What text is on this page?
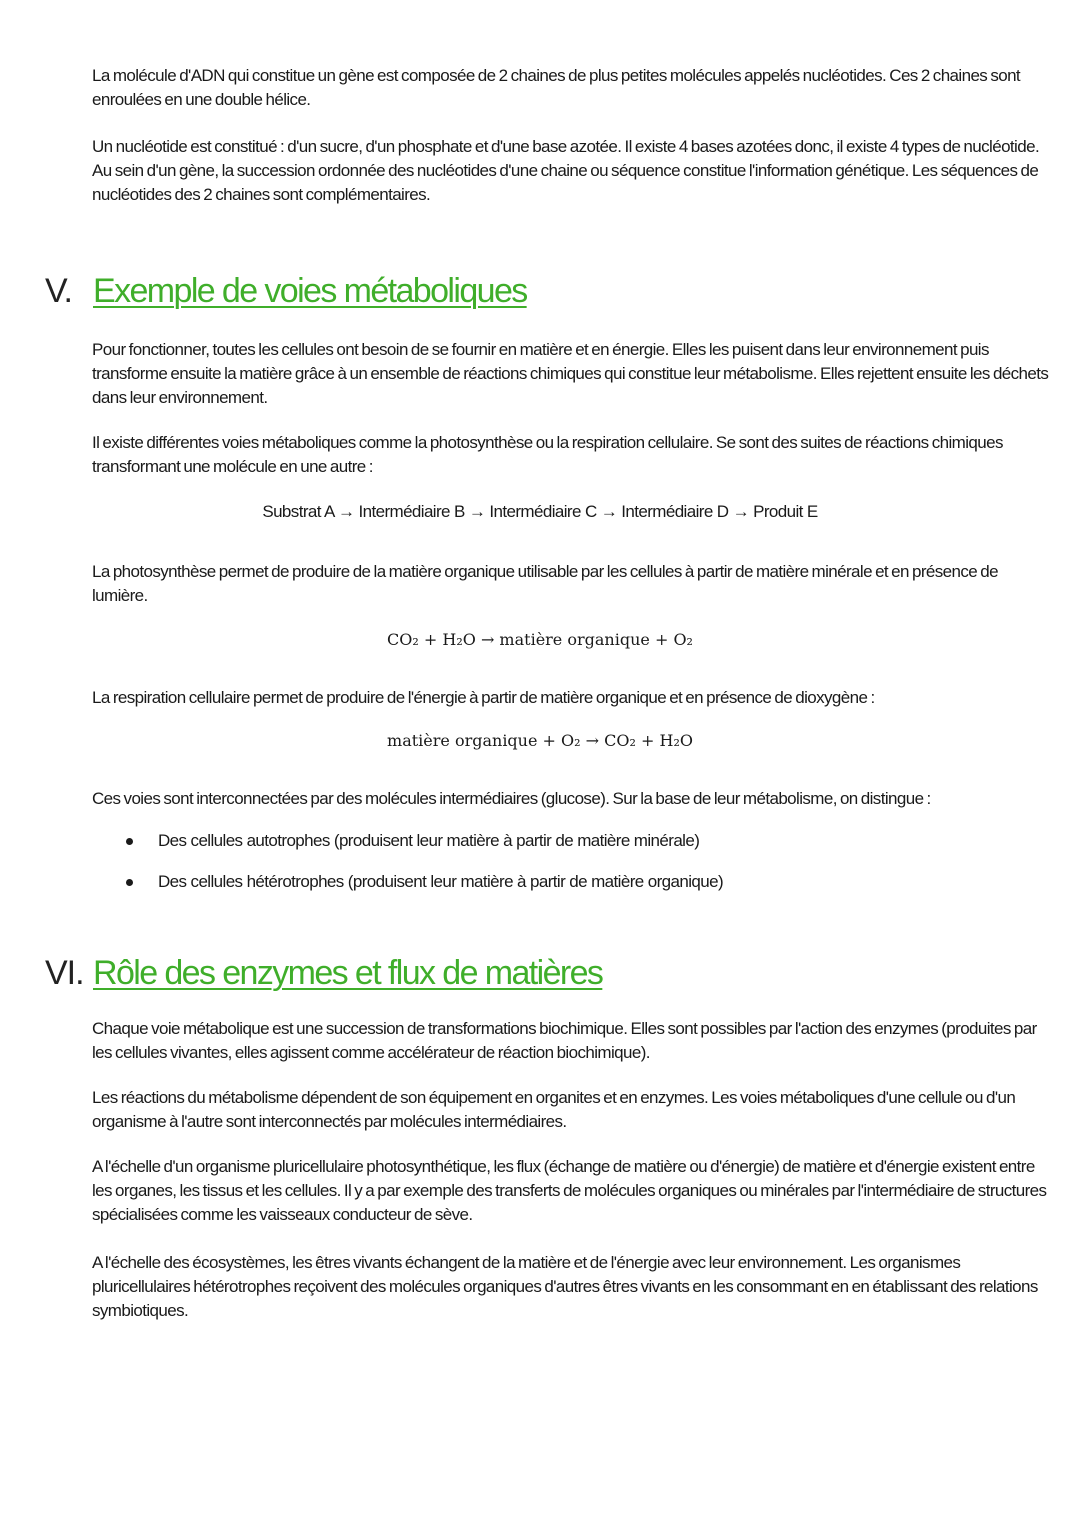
La molécule d'ADN qui constitue un gène est composée de 2 chaines de plus petites molécules appelés nucléotides. Ces 2 chaines sont enroulées en une double hélice.

Un nucléotide est constitué : d'un sucre, d'un phosphate et d'une base azotée. Il existe 4 bases azotées donc, il existe 4 types de nucléotide. Au sein d'un gène, la succession ordonnée des nucléotides d'une chaine ou séquence constitue l'information génétique. Les séquences de nucléotides des 2 chaines sont complémentaires.

V. Exemple de voies métaboliques

Pour fonctionner, toutes les cellules ont besoin de se fournir en matière et en énergie. Elles les puisent dans leur environnement puis transforme ensuite la matière grâce à un ensemble de réactions chimiques qui constitue leur métabolisme. Elles rejettent ensuite les déchets dans leur environnement.

Il existe différentes voies métaboliques comme la photosynthèse ou la respiration cellulaire. Se sont des suites de réactions chimiques transformant une molécule en une autre :

Substrat A → Intermédiaire B → Intermédiaire C → Intermédiaire D → Produit E

La photosynthèse permet de produire de la matière organique utilisable par les cellules à partir de matière minérale et en présence de lumière.

CO₂ + H₂O → matière organique + O₂

La respiration cellulaire permet de produire de l'énergie à partir de matière organique et en présence de dioxygène :

matière organique + O₂ → CO₂ + H₂O

Ces voies sont interconnectées par des molécules intermédiaires (glucose). Sur la base de leur métabolisme, on distingue :

Des cellules autotrophes (produisent leur matière à partir de matière minérale)
Des cellules hétérotrophes (produisent leur matière à partir de matière organique)
VI. Rôle des enzymes et flux de matières

Chaque voie métabolique est une succession de transformations biochimique. Elles sont possibles par l'action des enzymes (produites par les cellules vivantes, elles agissent comme accélérateur de réaction biochimique).

Les réactions du métabolisme dépendent de son équipement en organites et en enzymes. Les voies métaboliques d'une cellule ou d'un organisme à l'autre sont interconnectés par molécules intermédiaires.

A l'échelle d'un organisme pluricellulaire photosynthétique, les flux (échange de matière ou d'énergie) de matière et d'énergie existent entre les organes, les tissus et les cellules. Il y a par exemple des transferts de molécules organiques ou minérales par l'intermédiaire de structures spécialisées comme les vaisseaux conducteur de sève.

A l'échelle des écosystèmes, les êtres vivants échangent de la matière et de l'énergie avec leur environnement. Les organismes pluricellulaires hétérotrophes reçoivent des molécules organiques d'autres êtres vivants en les consommant en en établissant des relations symbiotiques.
